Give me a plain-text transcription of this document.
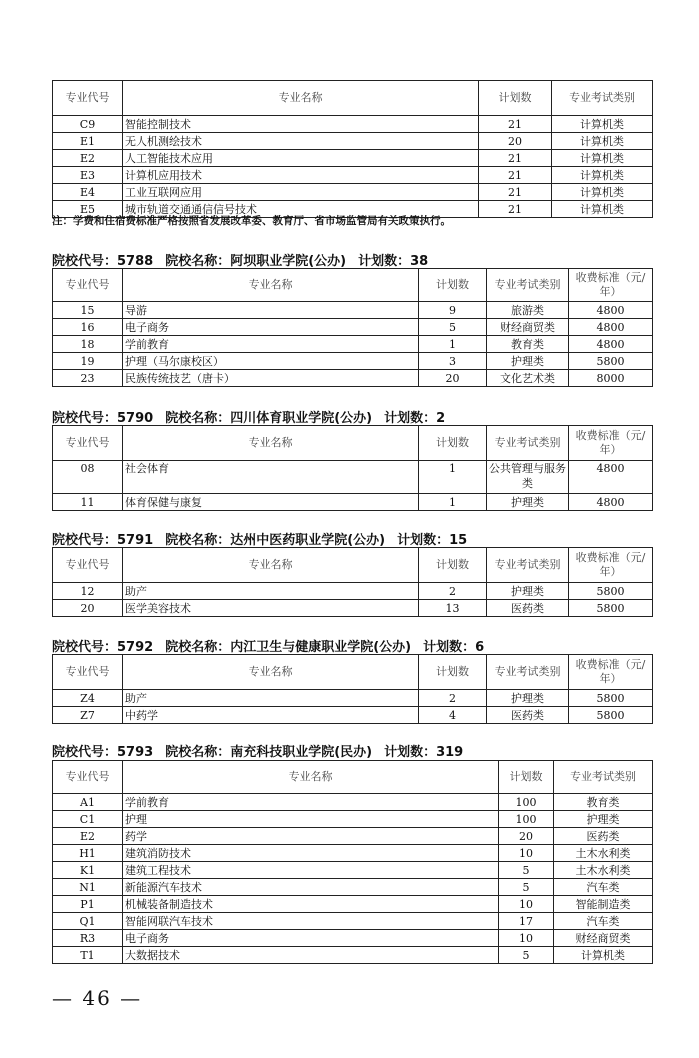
专业代号	专业名称	计划数	专业考试类别
C9	智能控制技术	21	计算机类
E1	无人机测绘技术	20	计算机类
E2	人工智能技术应用	21	计算机类
E3	计算机应用技术	21	计算机类
E4	工业互联网应用	21	计算机类
E5	城市轨道交通通信信号技术	21	计算机类
注：学费和住宿费标准严格按照省发展改革委、教育厅、省市场监管局有关政策执行。
院校代号：5788 院校名称：阿坝职业学院(公办) 计划数：38
专业代号	专业名称	计划数	专业考试类别	收费标准（元/年）
15	导游	9	旅游类	4800
16	电子商务	5	财经商贸类	4800
18	学前教育	1	教育类	4800
19	护理（马尔康校区）	3	护理类	5800
23	民族传统技艺（唐卡）	20	文化艺术类	8000
院校代号：5790 院校名称：四川体育职业学院(公办) 计划数：2
专业代号	专业名称	计划数	专业考试类别	收费标准（元/年）
08	社会体育	1	公共管理与服务类	4800
11	体育保健与康复	1	护理类	4800
院校代号：5791 院校名称：达州中医药职业学院(公办) 计划数：15
专业代号	专业名称	计划数	专业考试类别	收费标准（元/年）
12	助产	2	护理类	5800
20	医学美容技术	13	医药类	5800
院校代号：5792 院校名称：内江卫生与健康职业学院(公办) 计划数：6
专业代号	专业名称	计划数	专业考试类别	收费标准（元/年）
Z4	助产	2	护理类	5800
Z7	中药学	4	医药类	5800
院校代号：5793 院校名称：南充科技职业学院(民办) 计划数：319
专业代号	专业名称	计划数	专业考试类别
A1	学前教育	100	教育类
C1	护理	100	护理类
E2	药学	20	医药类
H1	建筑消防技术	10	土木水利类
K1	建筑工程技术	5	土木水利类
N1	新能源汽车技术	5	汽车类
P1	机械装备制造技术	10	智能制造类
Q1	智能网联汽车技术	17	汽车类
R3	电子商务	10	财经商贸类
T1	大数据技术	5	计算机类
— 46 —
